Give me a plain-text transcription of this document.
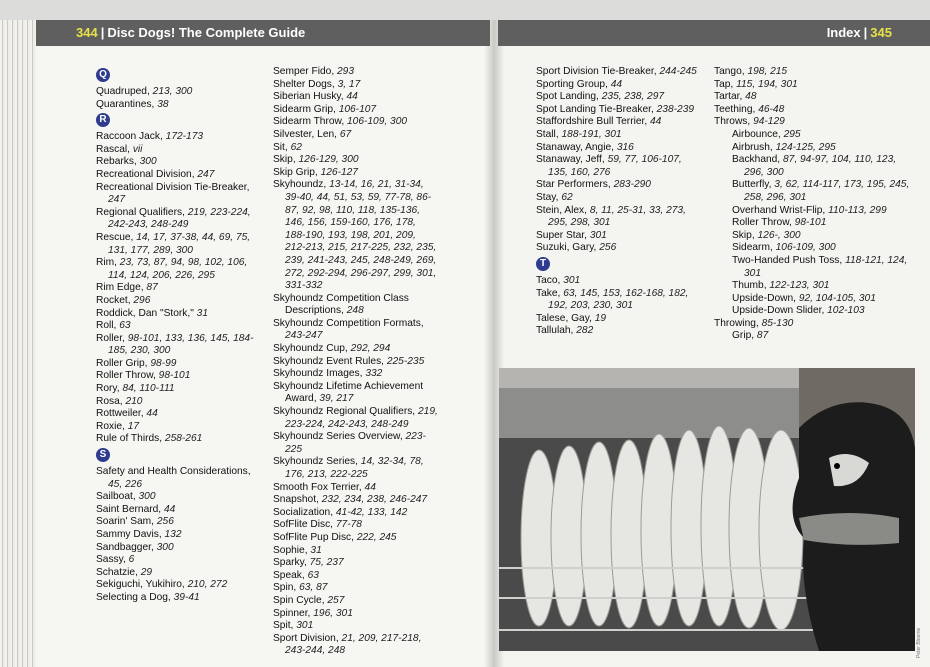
344 | Disc Dogs! The Complete Guide	Index | 345
Q
Quadruped, 213, 300
Quarantines, 38
R
Raccoon Jack, 172-173
Rascal, vii
Rebarks, 300
Recreational Division, 247
Recreational Division Tie-Breaker, 247
Regional Qualifiers, 219, 223-224, 242-243, 248-249
Rescue, 14, 17, 37-38, 44, 69, 75, 131, 177, 289, 300
Rim, 23, 73, 87, 94, 98, 102, 106, 114, 124, 206, 226, 295
Rim Edge, 87
Rocket, 296
Roddick, Dan "Stork," 31
Roll, 63
Roller, 98-101, 133, 136, 145, 184-185, 230, 300
Roller Grip, 98-99
Roller Throw, 98-101
Rory, 84, 110-111
Rosa, 210
Rottweiler, 44
Roxie, 17
Rule of Thirds, 258-261
S
Safety and Health Considerations, 45, 226
Sailboat, 300
Saint Bernard, 44
Soarin' Sam, 256
Sammy Davis, 132
Sandbagger, 300
Sassy, 6
Schatzie, 29
Sekiguchi, Yukihiro, 210, 272
Selecting a Dog, 39-41
Semper Fido, 293
Shelter Dogs, 3, 17
Siberian Husky, 44
Sidearm Grip, 106-107
Sidearm Throw, 106-109, 300
Silvester, Len, 67
Sit, 62
Skip, 126-129, 300
Skip Grip, 126-127
Skyhoundz, 13-14, 16, 21, 31-34, 39-40, 44, 51, 53, 59, 77-78, 86-87, 92, 98, 110, 118, 135-136, 146, 156, 159-160, 176, 178, 188-190, 193, 198, 201, 209, 212-213, 215, 217-225, 232, 235, 239, 241-243, 245, 248-249, 269, 272, 292-294, 296-297, 299, 301, 331-332
Skyhoundz Competition Class Descriptions, 248
Skyhoundz Competition Formats, 243-247
Skyhoundz Cup, 292, 294
Skyhoundz Event Rules, 225-235
Skyhoundz Images, 332
Skyhoundz Lifetime Achievement Award, 39, 217
Skyhoundz Regional Qualifiers, 219, 223-224, 242-243, 248-249
Skyhoundz Series Overview, 223-225
Skyhoundz Series, 14, 32-34, 78, 176, 213, 222-225
Smooth Fox Terrier, 44
Snapshot, 232, 234, 238, 246-247
Socialization, 41-42, 133, 142
SofFlite Disc, 77-78
SofFlite Pup Disc, 222, 245
Sophie, 31
Sparky, 75, 237
Speak, 63
Spin, 63, 87
Spin Cycle, 257
Spinner, 196, 301
Spit, 301
Sport Division, 21, 209, 217-218, 243-244, 248
Sport Division Tie-Breaker, 244-245
Sporting Group, 44
Spot Landing, 235, 238, 297
Spot Landing Tie-Breaker, 238-239
Staffordshire Bull Terrier, 44
Stall, 188-191, 301
Stanaway, Angie, 316
Stanaway, Jeff, 59, 77, 106-107, 135, 160, 276
Star Performers, 283-290
Stay, 62
Stein, Alex, 8, 11, 25-31, 33, 273, 295, 298, 301
Super Star, 301
Suzuki, Gary, 256
T
Taco, 301
Take, 63, 145, 153, 162-168, 182, 192, 203, 230, 301
Talese, Gay, 19
Tallulah, 282
Tango, 198, 215
Tap, 115, 194, 301
Tartar, 48
Teething, 46-48
Throws, 94-129
Airbounce, 295
Airbrush, 124-125, 295
Backhand, 87, 94-97, 104, 110, 123, 296, 300
Butterfly, 3, 62, 114-117, 173, 195, 245, 258, 296, 301
Overhand Wrist-Flip, 110-113, 299
Roller Throw, 98-101
Skip, 126-, 300
Sidearm, 106-109, 300
Two-Handed Push Toss, 118-121, 124, 301
Thumb, 122-123, 301
Upside-Down, 92, 104-105, 301
Upside-Down Slider, 102-103
Throwing, 85-130
Grip, 87
Peter Bloeme
